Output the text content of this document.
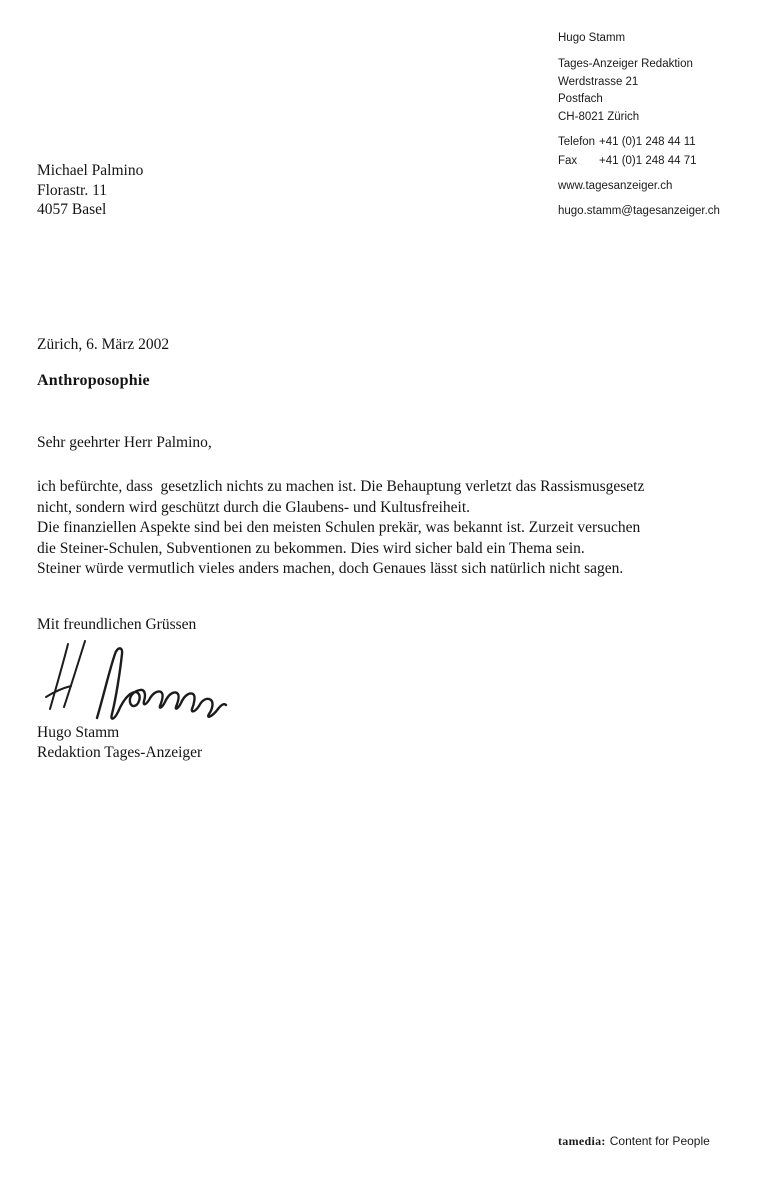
Hugo Stamm
Tages-Anzeiger Redaktion
Werdstrasse 21
Postfach
CH-8021 Zürich
Telefon +41 (0)1 248 44 11
Fax +41 (0)1 248 44 71
www.tagesanzeiger.ch
hugo.stamm@tagesanzeiger.ch
Michael Palmino
Florastr. 11
4057 Basel
Zürich, 6. März 2002
Anthroposophie
Sehr geehrter Herr Palmino,
ich befürchte, dass  gesetzlich nichts zu machen ist. Die Behauptung verletzt das Rassismusgesetz
nicht, sondern wird geschützt durch die Glaubens- und Kultusfreiheit.
Die finanziellen Aspekte sind bei den meisten Schulen prekär, was bekannt ist. Zurzeit versuchen
die Steiner-Schulen, Subventionen zu bekommen. Dies wird sicher bald ein Thema sein.
Steiner würde vermutlich vieles anders machen, doch Genaues lässt sich natürlich nicht sagen.
Mit freundlichen Grüssen
Hugo Stamm
Redaktion Tages-Anzeiger
tamedia: Content for People
